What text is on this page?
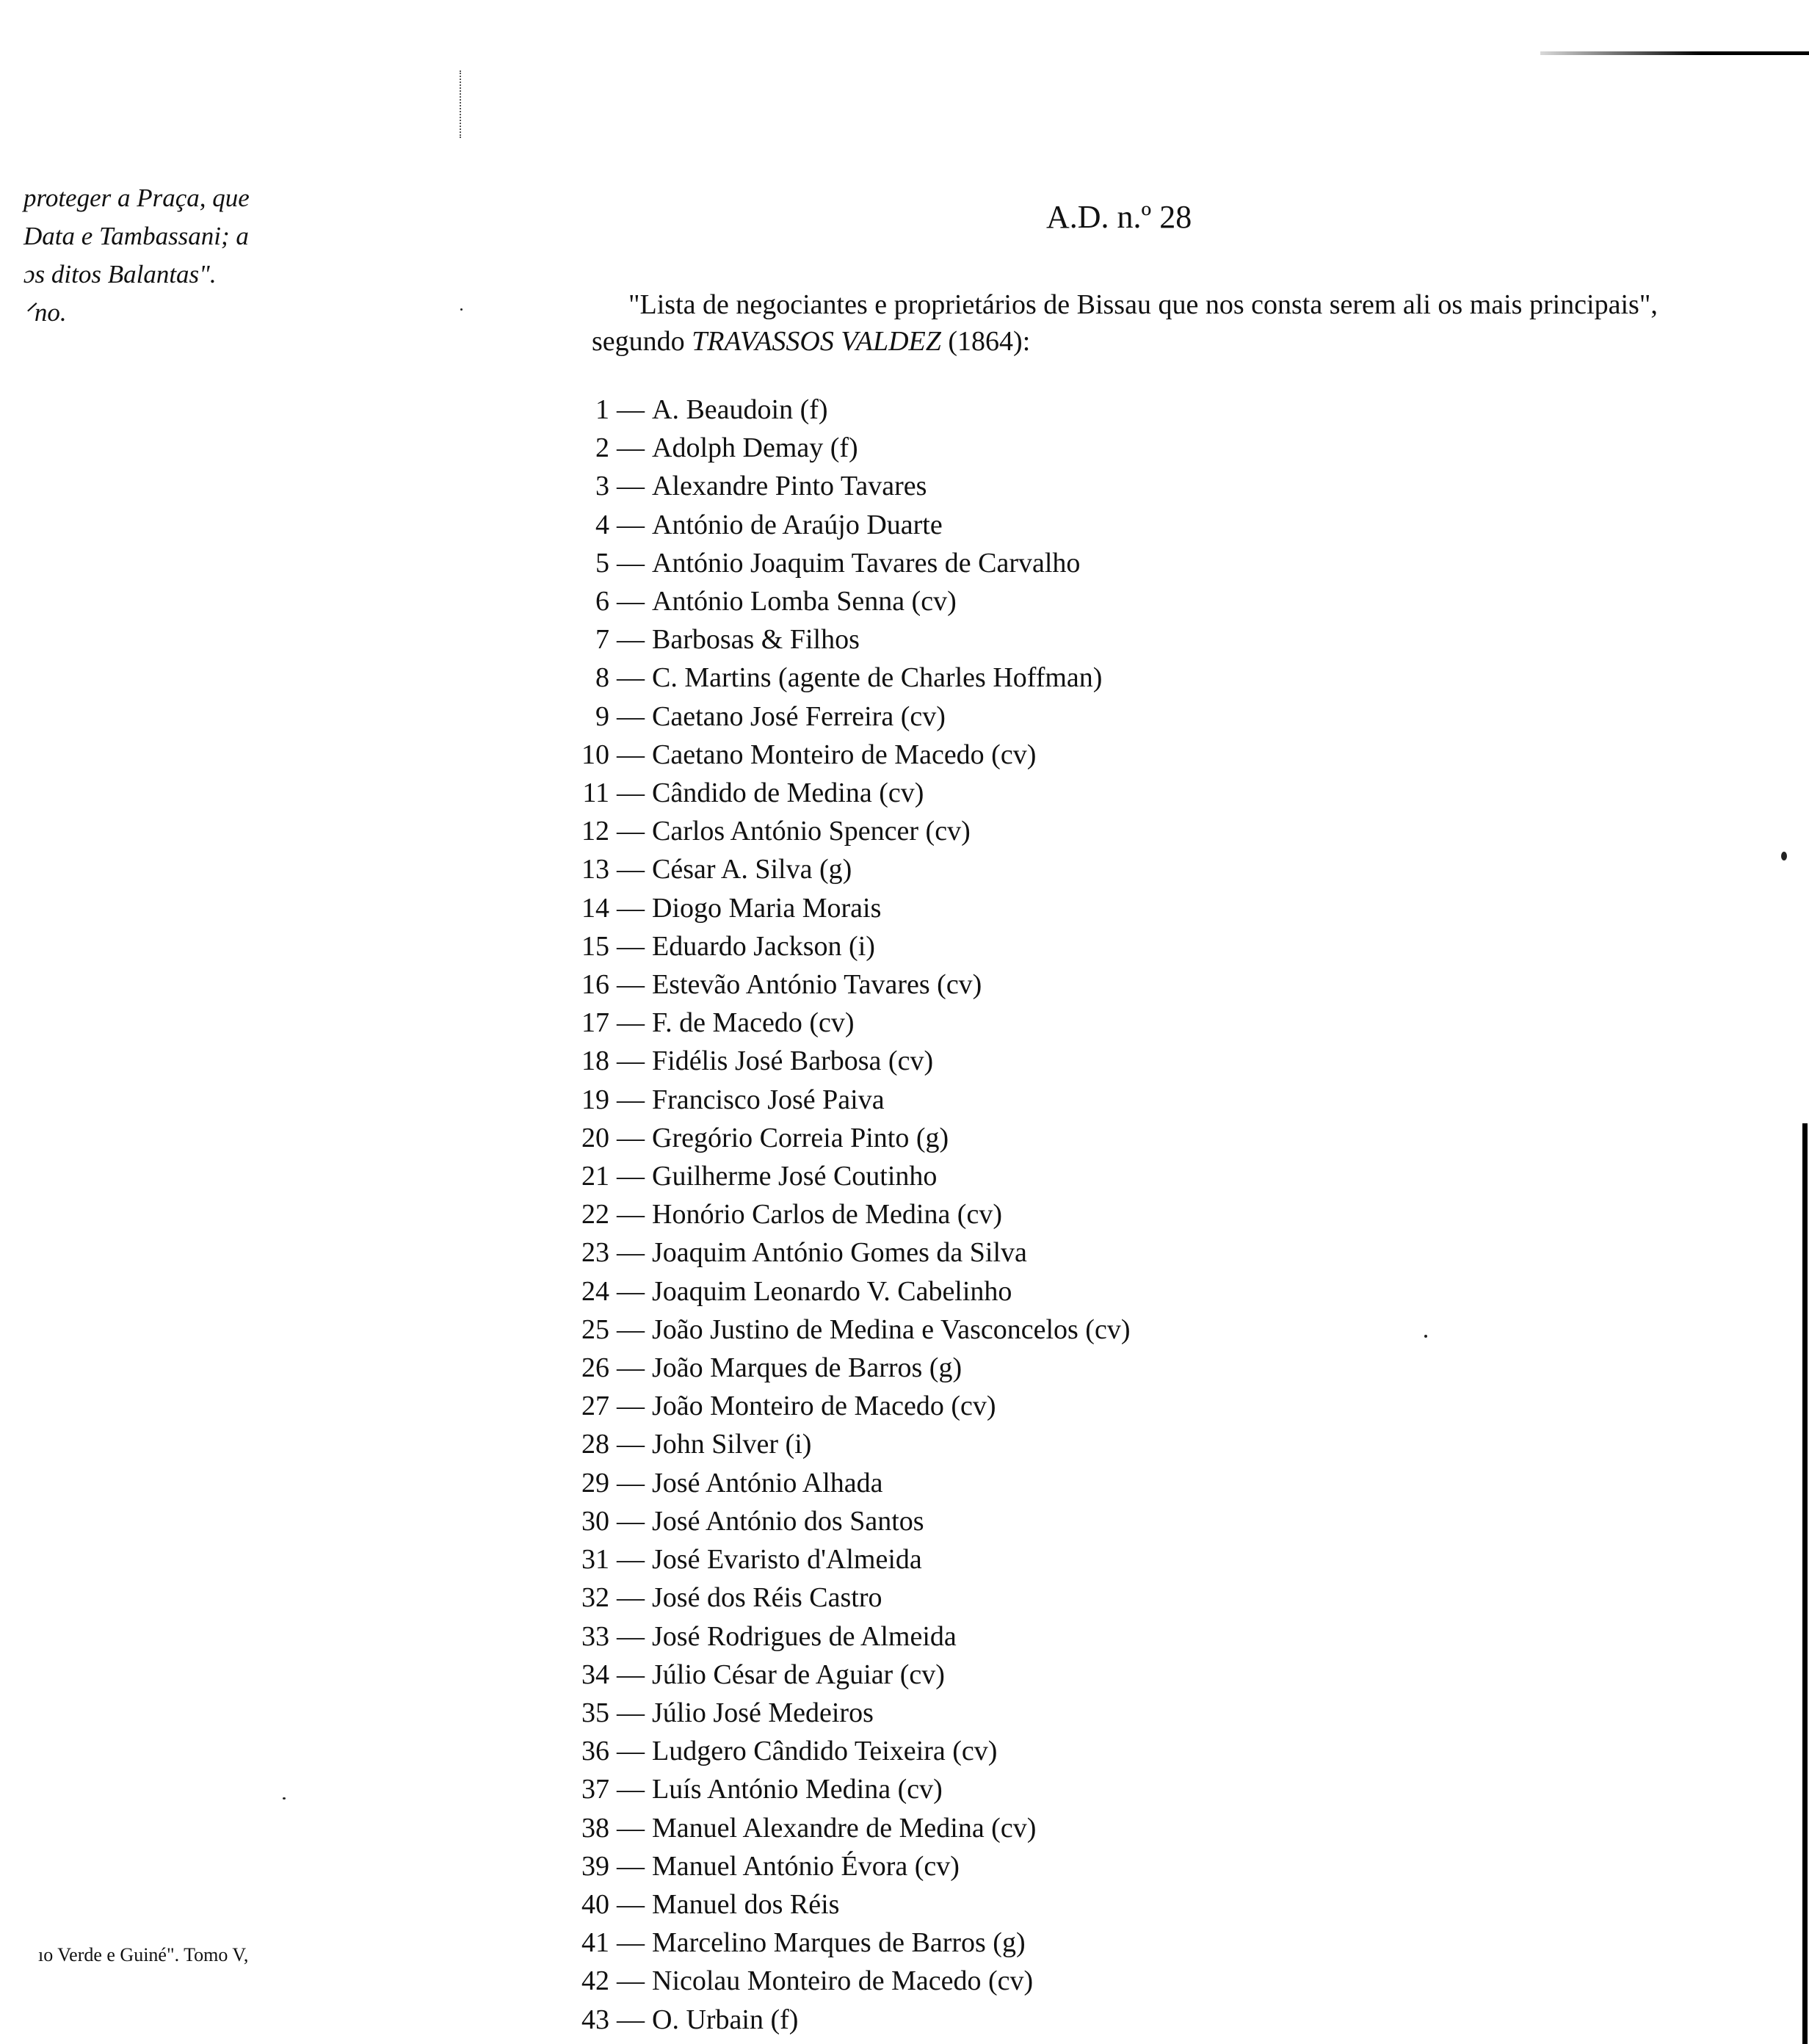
proteger a Praça, que
Data e Tambassani; a
ɔs ditos Balantas".
ᐟno.
ıo Verde e Guiné". Tomo V,
A.D. n.º 28

"Lista de negociantes e proprietários de Bissau que nos consta serem ali os mais principais", segundo TRAVASSOS VALDEZ (1864):

1 — A. Beaudoin (f)
2 — Adolph Demay (f)
3 — Alexandre Pinto Tavares
4 — António de Araújo Duarte
5 — António Joaquim Tavares de Carvalho
6 — António Lomba Senna (cv)
7 — Barbosas & Filhos
8 — C. Martins (agente de Charles Hoffman)
9 — Caetano José Ferreira (cv)
10 — Caetano Monteiro de Macedo (cv)
11 — Cândido de Medina (cv)
12 — Carlos António Spencer (cv)
13 — César A. Silva (g)
14 — Diogo Maria Morais
15 — Eduardo Jackson (i)
16 — Estevão António Tavares (cv)
17 — F. de Macedo (cv)
18 — Fidélis José Barbosa (cv)
19 — Francisco José Paiva
20 — Gregório Correia Pinto (g)
21 — Guilherme José Coutinho
22 — Honório Carlos de Medina (cv)
23 — Joaquim António Gomes da Silva
24 — Joaquim Leonardo V. Cabelinho
25 — João Justino de Medina e Vasconcelos (cv)
26 — João Marques de Barros (g)
27 — João Monteiro de Macedo (cv)
28 — John Silver (i)
29 — José António Alhada
30 — José António dos Santos
31 — José Evaristo d'Almeida
32 — José dos Réis Castro
33 — José Rodrigues de Almeida
34 — Júlio César de Aguiar (cv)
35 — Júlio José Medeiros
36 — Ludgero Cândido Teixeira (cv)
37 — Luís António Medina (cv)
38 — Manuel Alexandre de Medina (cv)
39 — Manuel António Évora (cv)
40 — Manuel dos Réis
41 — Marcelino Marques de Barros (g)
42 — Nicolau Monteiro de Macedo (cv)
43 — O. Urbain (f)
